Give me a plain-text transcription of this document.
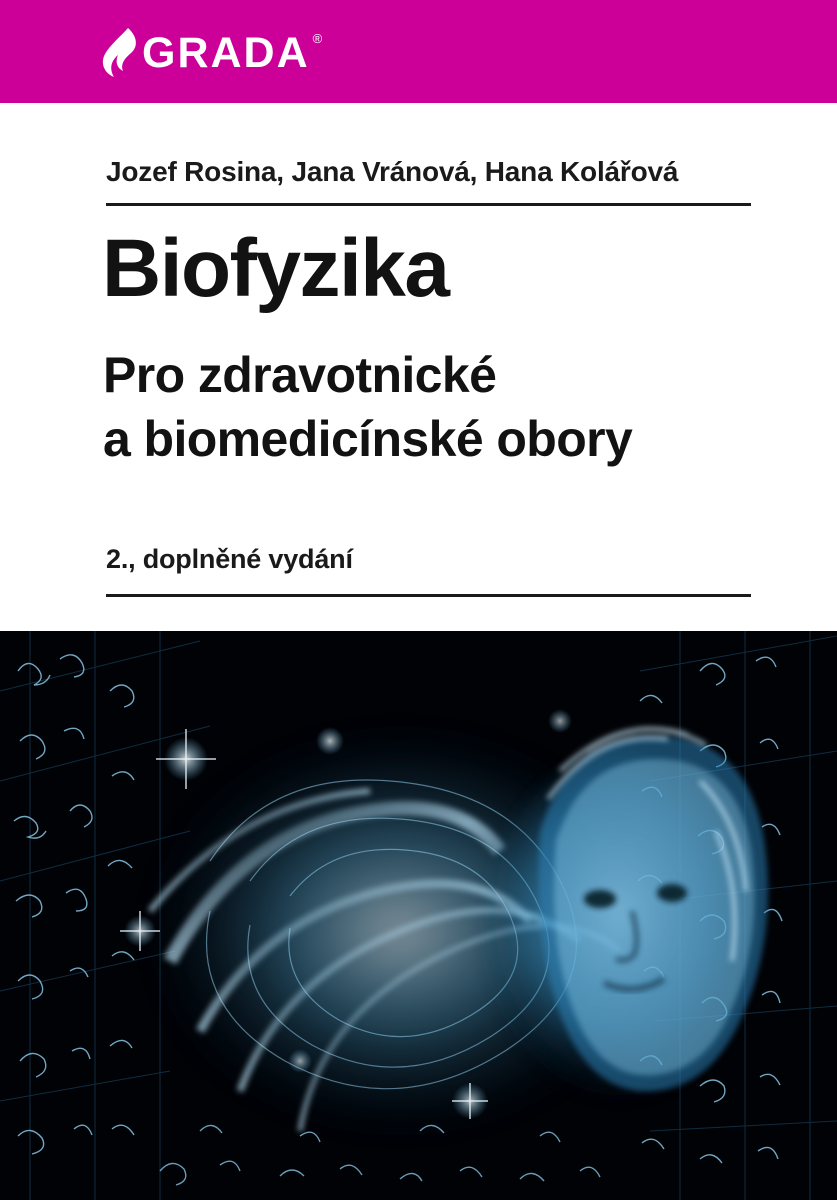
GRADA ®
Jozef Rosina, Jana Vránová, Hana Kolářová
Biofyzika
Pro zdravotnické
a biomedicínské obory
2., doplněné vydání
